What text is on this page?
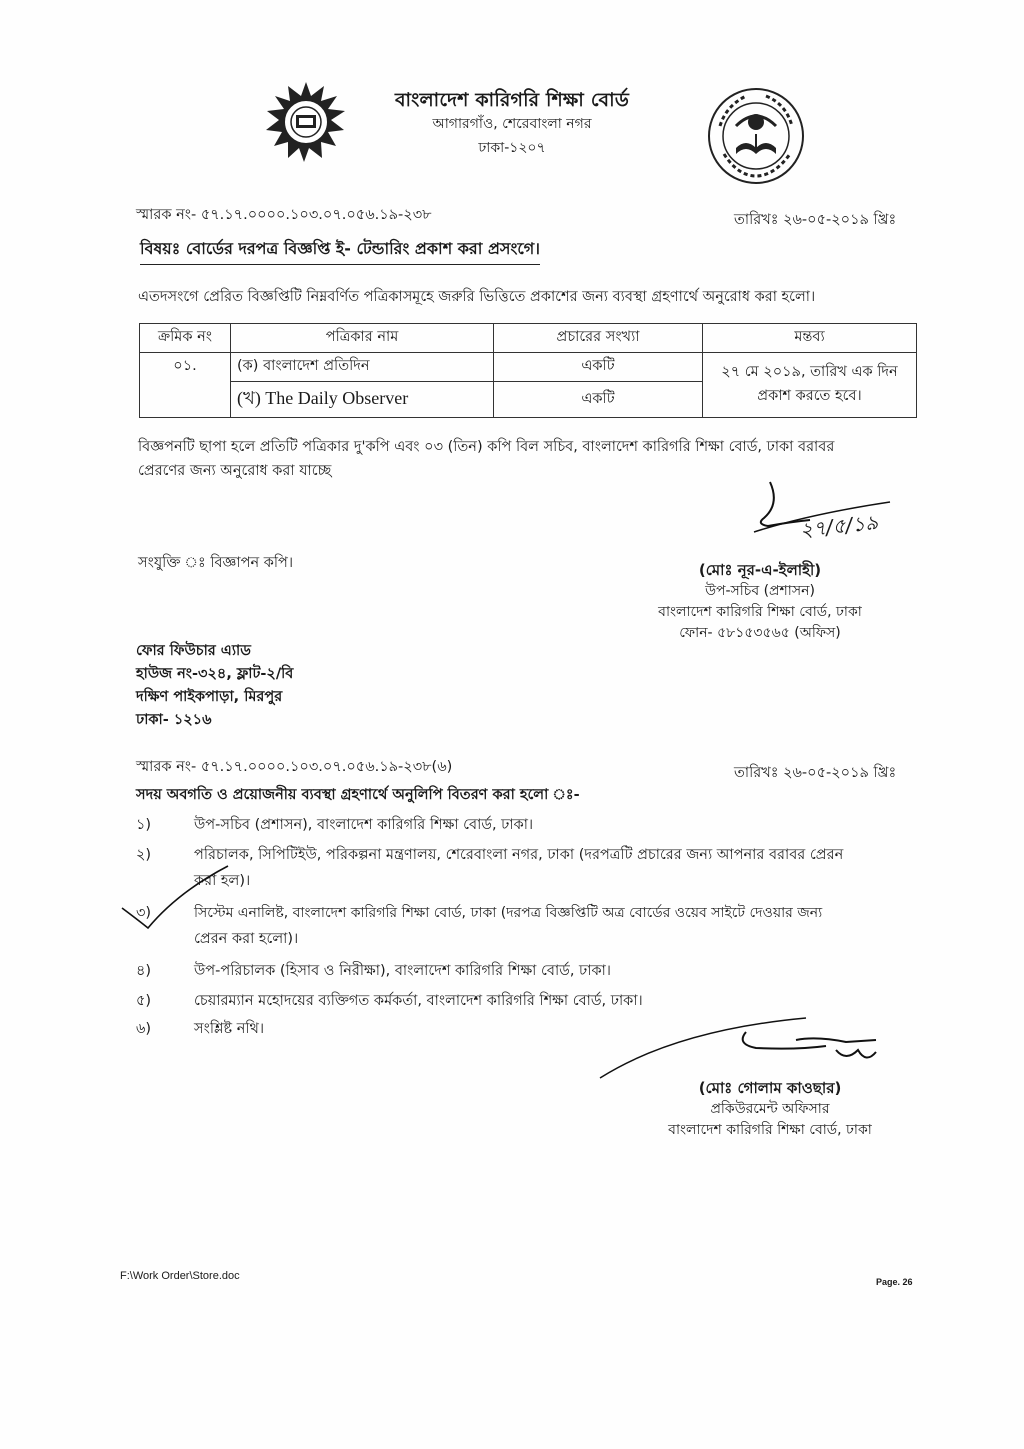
বাংলাদেশ কারিগরি শিক্ষা বোর্ড
আগারগাঁও, শেরেবাংলা নগর
ঢাকা-১২০৭
স্মারক নং- ৫৭.১৭.০০০০.১০৩.০৭.০৫৬.১৯-২৩৮	তারিখঃ ২৬-০৫-২০১৯ খ্রিঃ
বিষয়ঃ বোর্ডের দরপত্র বিজ্ঞপ্তি ই- টেন্ডারিং প্রকাশ করা প্রসংগে।
এতদসংগে প্রেরিত বিজ্ঞপ্তিটি নিম্নবর্ণিত পত্রিকাসমূহে জরুরি ভিত্তিতে প্রকাশের জন্য ব্যবস্থা গ্রহণার্থে অনুরোধ করা হলো।
ক্রমিক নং	পত্রিকার নাম	প্রচারের সংখ্যা	মন্তব্য
০১.	(ক) বাংলাদেশ প্রতিদিন	একটি	২৭ মে ২০১৯, তারিখ এক দিন
প্রকাশ করতে হবে।

	(খ) The Daily Observer	একটি	
বিজ্ঞপনটি ছাপা হলে প্রতিটি পত্রিকার দু'কপি এবং ০৩ (তিন) কপি বিল সচিব, বাংলাদেশ কারিগরি শিক্ষা বোর্ড, ঢাকা বরাবর
প্রেরণের জন্য অনুরোধ করা যাচ্ছে
২৭/৫/১৯
সংযুক্তি ঃ বিজ্ঞাপন কপি।	(মোঃ নূর-এ-ইলাহী)
উপ-সচিব (প্রশাসন)
বাংলাদেশ কারিগরি শিক্ষা বোর্ড, ঢাকা
ফোন- ৫৮১৫৩৫৬৫ (অফিস)
ফোর ফিউচার এ্যাড
হাউজ নং-৩২৪, ফ্লাট-২/বি
দক্ষিণ পাইকপাড়া, মিরপুর
ঢাকা- ১২১৬
স্মারক নং- ৫৭.১৭.০০০০.১০৩.০৭.০৫৬.১৯-২৩৮(৬)	তারিখঃ ২৬-০৫-২০১৯ খ্রিঃ
সদয় অবগতি ও প্রয়োজনীয় ব্যবস্থা গ্রহণার্থে অনুলিপি বিতরণ করা হলো ঃ-
১)	উপ-সচিব (প্রশাসন), বাংলাদেশ কারিগরি শিক্ষা বোর্ড, ঢাকা।
২)	পরিচালক, সিপিটিইউ, পরিকল্পনা মন্ত্রণালয়, শেরেবাংলা নগর, ঢাকা (দরপত্রটি প্রচারের জন্য আপনার বরাবর প্রেরন
করা হল)।
৩)	সিস্টেম এনালিষ্ট, বাংলাদেশ কারিগরি শিক্ষা বোর্ড, ঢাকা (দরপত্র বিজ্ঞপ্তিটি অত্র বোর্ডের ওয়েব সাইটে দেওয়ার জন্য
প্রেরন করা হলো)।
৪)	উপ-পরিচালক (হিসাব ও নিরীক্ষা), বাংলাদেশ কারিগরি শিক্ষা বোর্ড, ঢাকা।
৫)	চেয়ারম্যান মহোদয়ের ব্যক্তিগত কর্মকর্তা, বাংলাদেশ কারিগরি শিক্ষা বোর্ড, ঢাকা।
৬)	সংশ্লিষ্ট নথি।
(মোঃ গোলাম কাওছার)
প্রকিউরমেন্ট অফিসার
বাংলাদেশ কারিগরি শিক্ষা বোর্ড, ঢাকা
F:\Work Order\Store.doc	Page. 26
